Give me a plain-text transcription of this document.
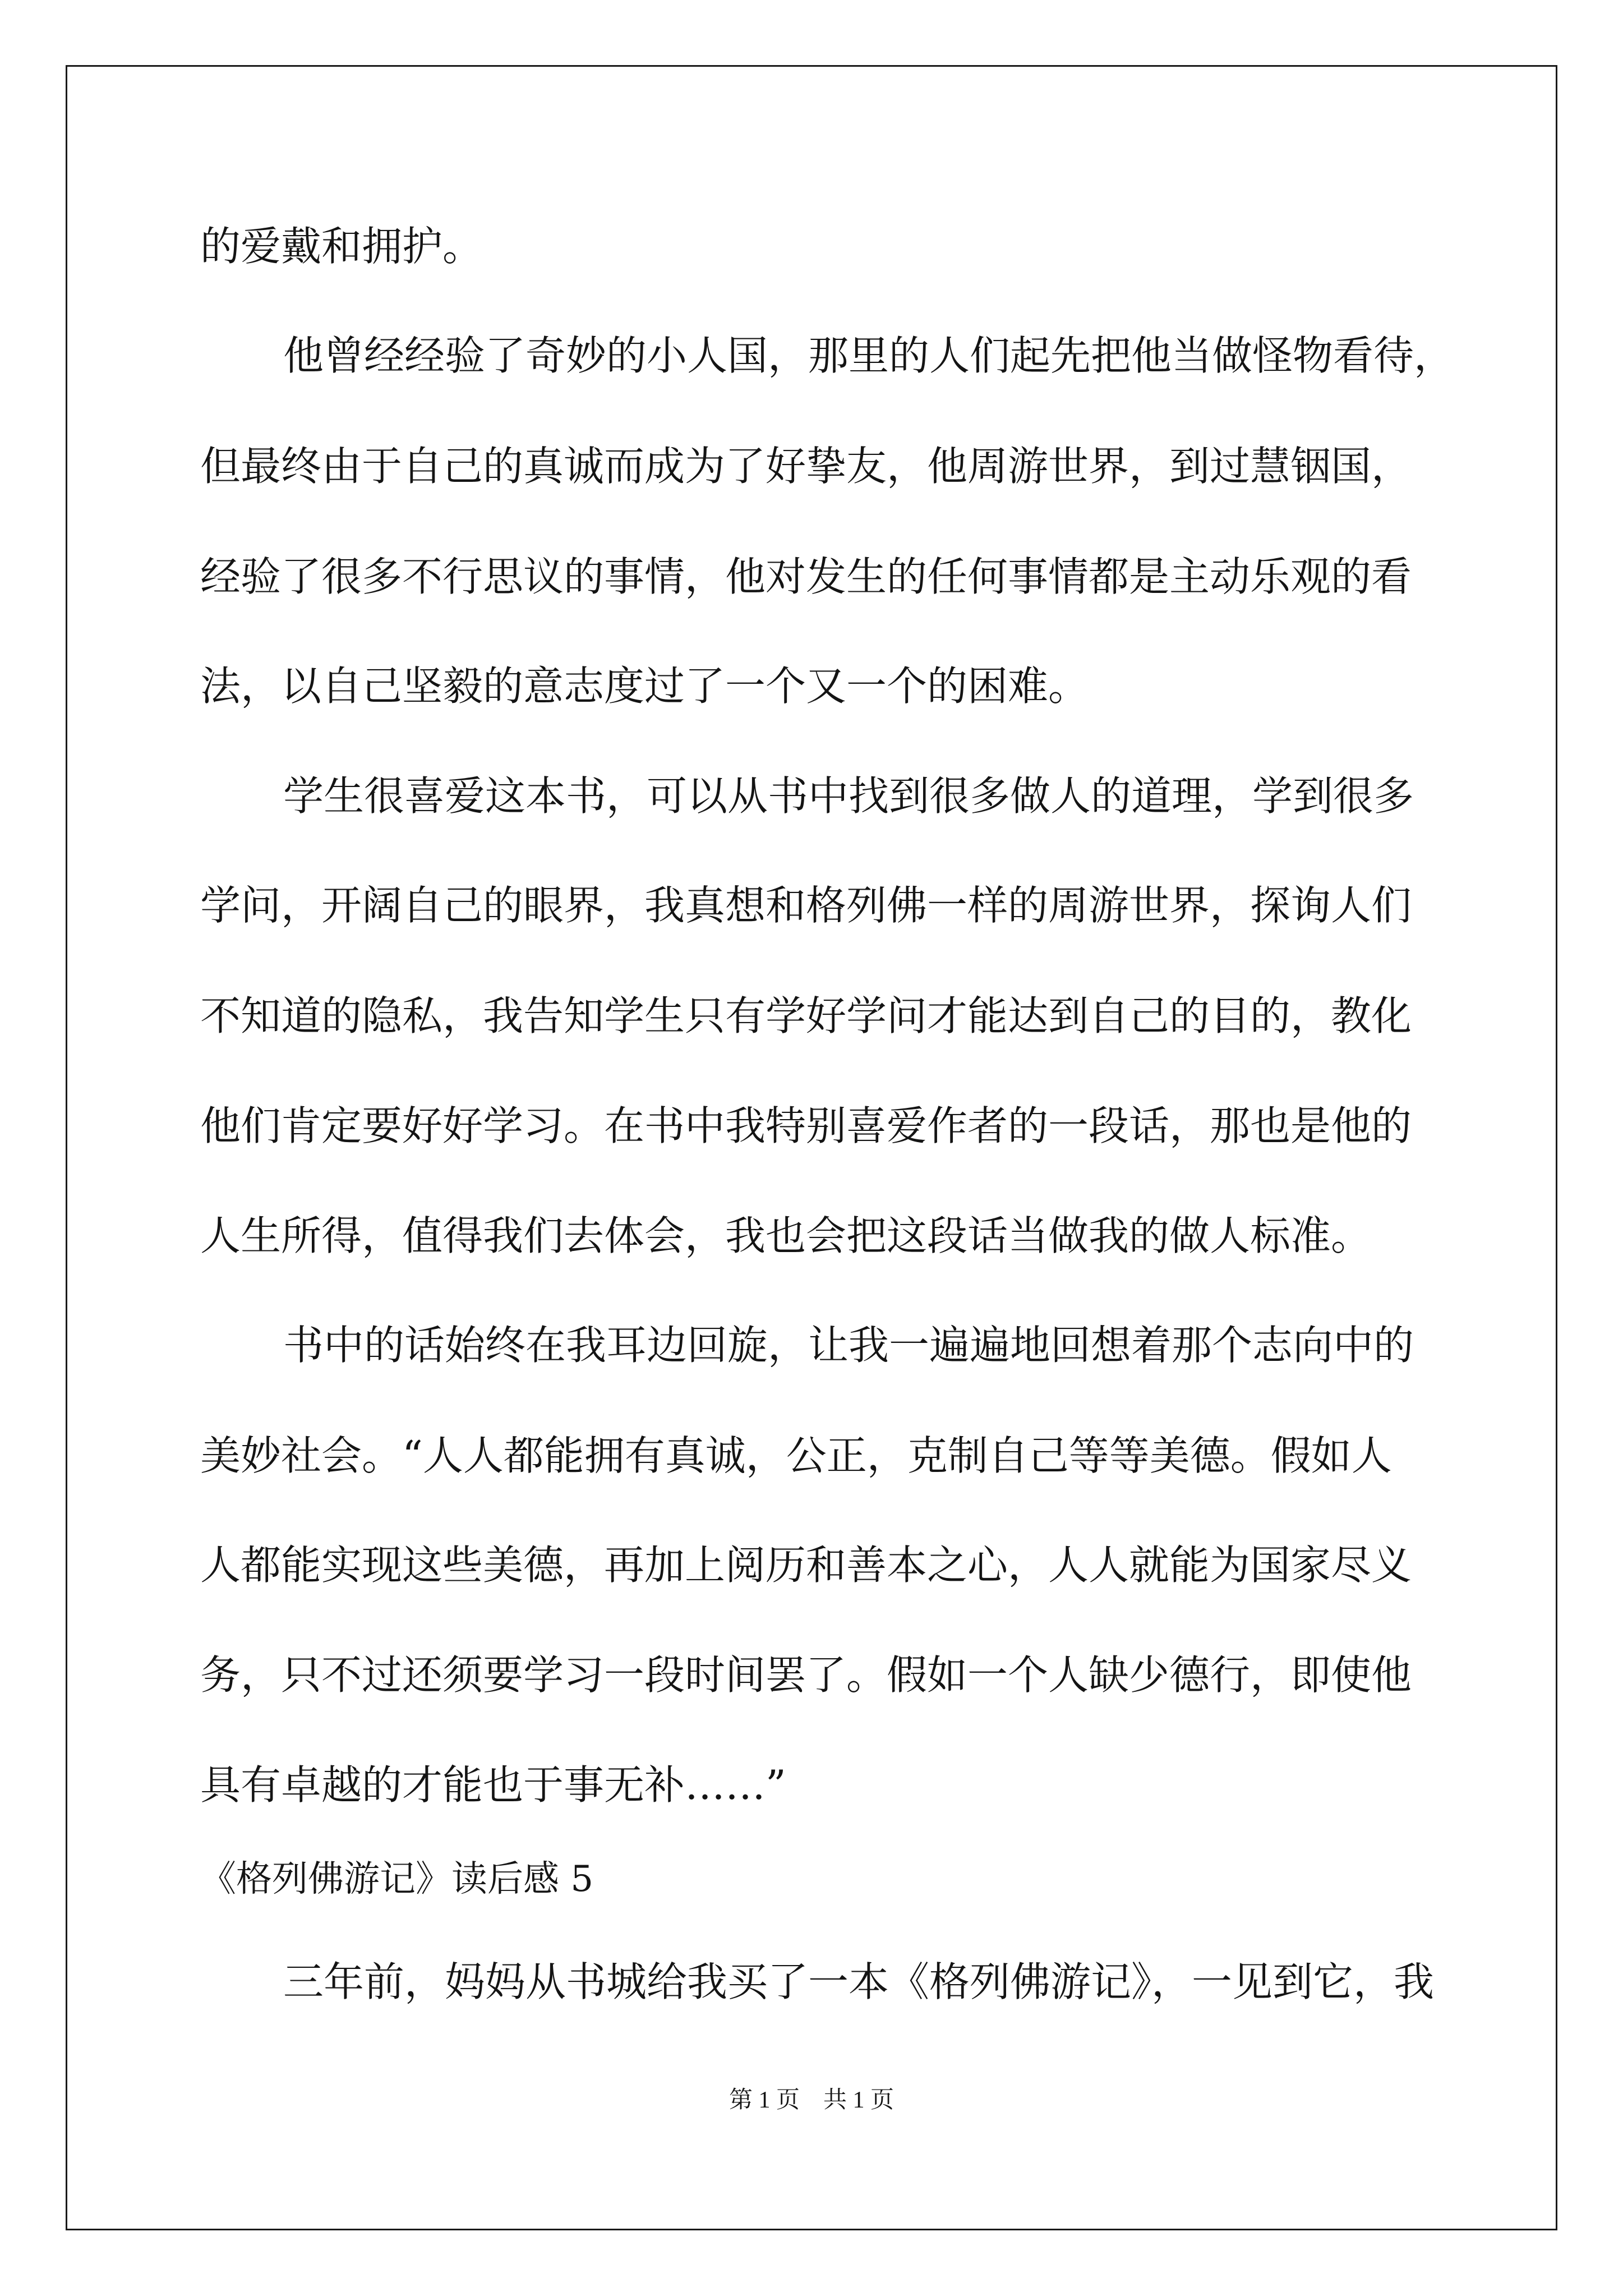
的爱戴和拥护。
他曾经经验了奇妙的小人国，那里的人们起先把他当做怪物看待，
但最终由于自己的真诚而成为了好挚友，他周游世界，到过慧铟国，
经验了很多不行思议的事情，他对发生的任何事情都是主动乐观的看
法，以自己坚毅的意志度过了一个又一个的困难。
学生很喜爱这本书，可以从书中找到很多做人的道理，学到很多
学问，开阔自己的眼界，我真想和格列佛一样的周游世界，探询人们
不知道的隐私，我告知学生只有学好学问才能达到自己的目的，教化
他们肯定要好好学习。在书中我特别喜爱作者的一段话，那也是他的
人生所得，值得我们去体会，我也会把这段话当做我的做人标准。
书中的话始终在我耳边回旋，让我一遍遍地回想着那个志向中的
美妙社会。“人人都能拥有真诚，公正，克制自己等等美德。假如人
人都能实现这些美德，再加上阅历和善本之心，人人就能为国家尽义
务，只不过还须要学习一段时间罢了。假如一个人缺少德行，即使他
具有卓越的才能也于事无补……”
《格列佛游记》读后感 5
三年前，妈妈从书城给我买了一本《格列佛游记》，一见到它，我
第 1 页　共 1 页
